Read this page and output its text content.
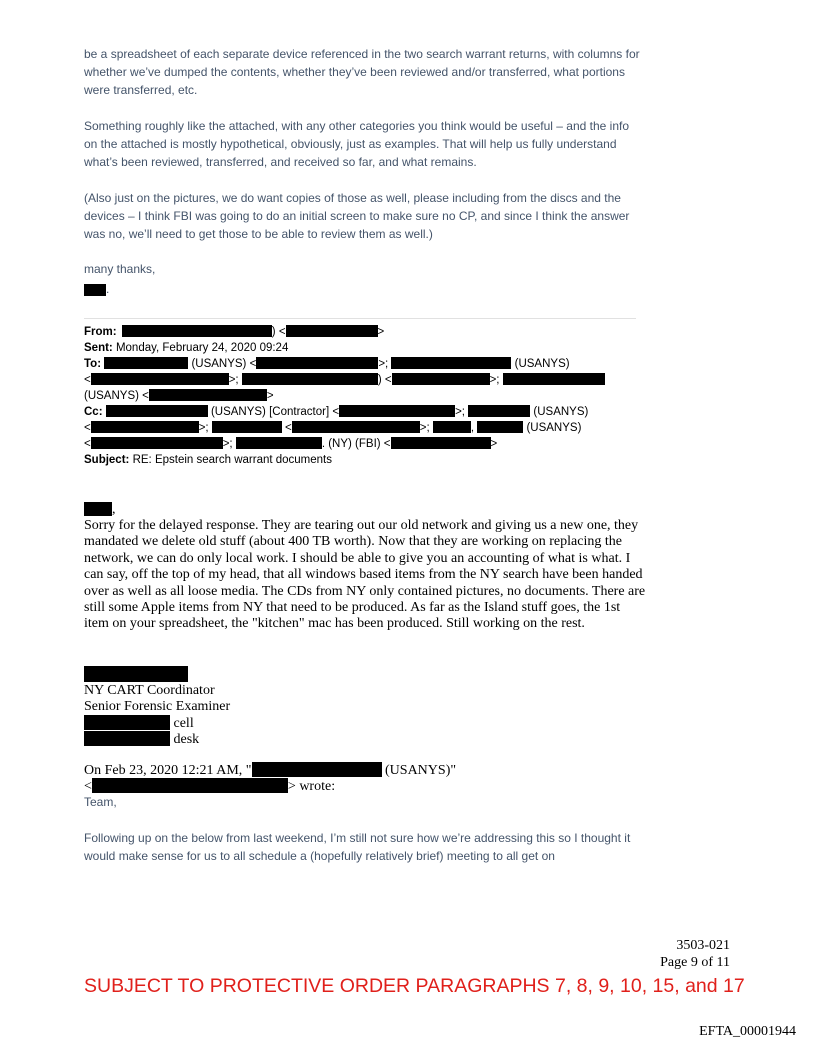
be a spreadsheet of each separate device referenced in the two search warrant returns, with columns for whether we’ve dumped the contents, whether they’ve been reviewed and/or transferred, what portions were transferred, etc.

Something roughly like the attached, with any other categories you think would be useful – and the info on the attached is mostly hypothetical, obviously, just as examples. That will help us fully understand what’s been reviewed, transferred, and received so far, and what remains.

(Also just on the pictures, we do want copies of those as well, please including from the discs and the devices – I think FBI was going to do an initial screen to make sure no CP, and since I think the answer was no, we’ll need to get those to be able to review them as well.)

many thanks,

.
From:	) <	>
Sent: Monday, February 24, 2020 09:24
To:	(USANYS) <	>;	(USANYS)
<	>;	) <	>;
(USANYS) <	>
Cc:	(USANYS) [Contractor] <	>;	(USANYS)
<	>;	<	>;	,	(USANYS)
<	>;	. (NY) (FBI) <	>
Subject: RE: Epstein search warrant documents
,

Sorry for the delayed response. They are tearing out our old network and giving us a new one, they mandated we delete old stuff (about 400 TB worth). Now that they are working on replacing the network, we can do only local work. I should be able to give you an accounting of what is what. I can say, off the top of my head, that all windows based items from the NY search have been handed over as well as all loose media. The CDs from NY only contained pictures, no documents. There are still some Apple items from NY that need to be produced. As far as the Island stuff goes, the 1st item on your spreadsheet, the "kitchen" mac has been produced. Still working on the rest.

NY CART Coordinator
Senior Forensic Examiner
cell
desk
On Feb 23, 2020 12:21 AM, "	(USANYS)"
<	> wrote:
Team,

Following up on the below from last weekend, I’m still not sure how we’re addressing this so I thought it would make sense for us to all schedule a (hopefully relatively brief) meeting to all get on

3503-021
Page 9 of 11
SUBJECT TO PROTECTIVE ORDER PARAGRAPHS 7, 8, 9, 10, 15, and 17
EFTA_00001944
